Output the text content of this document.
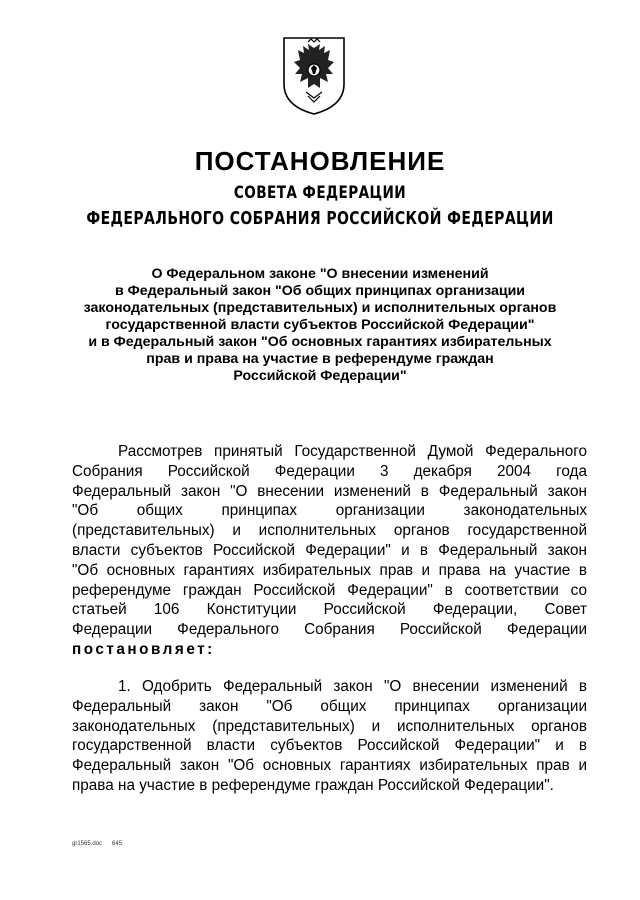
ПОСТАНОВЛЕНИЕ
СОВЕТА ФЕДЕРАЦИИ
ФЕДЕРАЛЬНОГО СОБРАНИЯ РОССИЙСКОЙ ФЕДЕРАЦИИ
О Федеральном законе "О внесении изменений
в Федеральный закон "Об общих принципах организации
законодательных (представительных) и исполнительных органов
государственной власти субъектов Российской Федерации"
и в Федеральный закон "Об основных гарантиях избирательных
прав и права на участие в референдуме граждан
Российской Федерации"
Рассмотрев принятый Государственной Думой Федерального
Собрания Российской Федерации 3 декабря 2004 года
Федеральный закон "О внесении изменений в Федеральный закон
"Об общих принципах организации законодательных
(представительных) и исполнительных органов государственной
власти субъектов Российской Федерации" и в Федеральный закон
"Об основных гарантиях избирательных прав и права на участие в
референдуме граждан Российской Федерации" в соответствии со
статьей 106 Конституции Российской Федерации, Совет
Федерации Федерального Собрания Российской Федерации
постановляет:
1. Одобрить Федеральный закон "О внесении изменений в
Федеральный закон "Об общих принципах организации
законодательных (представительных) и исполнительных органов
государственной власти субъектов Российской Федерации" и в
Федеральный закон "Об основных гарантиях избирательных прав и
права на участие в референдуме граждан Российской Федерации".
gr1565.doc 645
